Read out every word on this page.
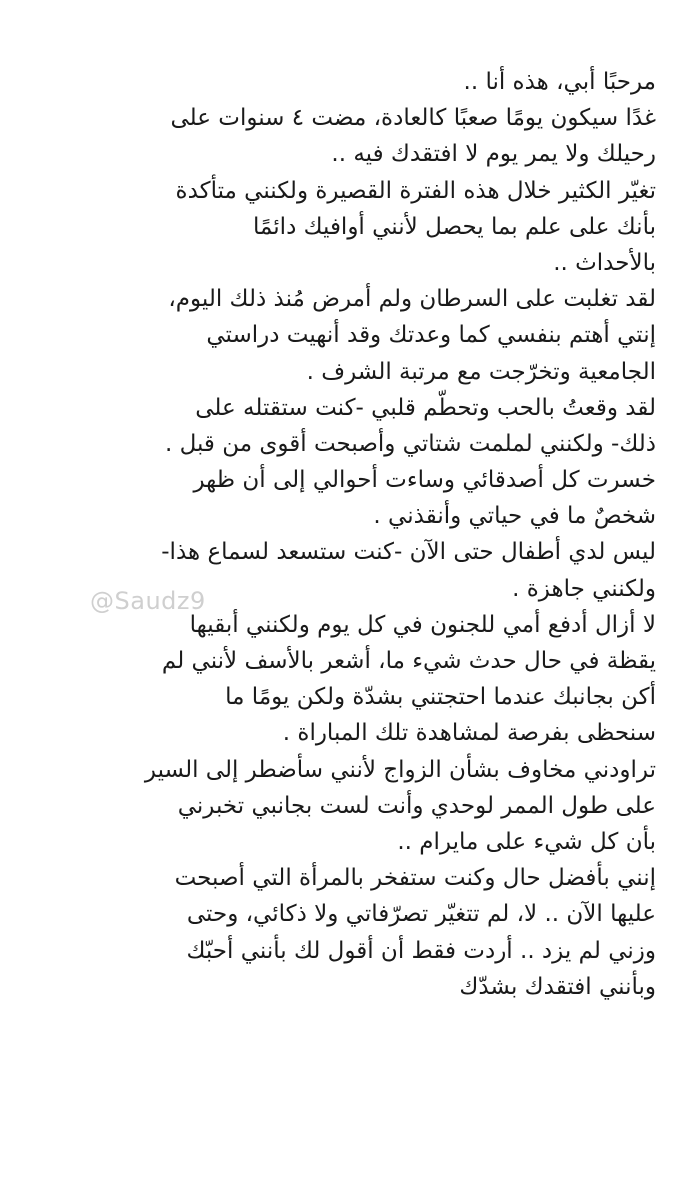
مرحبًا أبي، هذه أنا ..
غدًا سيكون يومًا صعبًا كالعادة، مضت ٤ سنوات على
رحيلك ولا يمر يوم لا افتقدك فيه ..
تغيّر الكثير خلال هذه الفترة القصيرة ولكنني متأكدة
بأنك على علم بما يحصل لأنني أوافيك دائمًا
بالأحداث ..
لقد تغلبت على السرطان ولم أمرض مُنذ ذلك اليوم،
إنتي أهتم بنفسي كما وعدتك وقد أنهيت دراستي
الجامعية وتخرّجت مع مرتبة الشرف .
لقد وقعتُ بالحب وتحطّم قلبي -كنت ستقتله على
ذلك- ولكنني لملمت شتاتي وأصبحت أقوى من قبل .
خسرت كل أصدقائي وساءت أحوالي إلى أن ظهر
شخصٌ ما في حياتي وأنقذني .
ليس لدي أطفال حتى الآن -كنت ستسعد لسماع هذا-
ولكنني جاهزة .
لا أزال أدفع أمي للجنون في كل يوم ولكنني أبقيها
يقظة في حال حدث شيء ما، أشعر بالأسف لأنني لم
أكن بجانبك عندما احتجتني بشدّة ولكن يومًا ما
سنحظى بفرصة لمشاهدة تلك المباراة .
تراودني مخاوف بشأن الزواج لأنني سأضطر إلى السير
على طول الممر لوحدي وأنت لست بجانبي تخبرني
بأن كل شيء على مايرام ..
إنني بأفضل حال وكنت ستفخر بالمرأة التي أصبحت
عليها الآن .. لا، لم تتغيّر تصرّفاتي ولا ذكائي، وحتى
وزني لم يزد .. أردت فقط أن أقول لك بأنني أحبّك
وبأنني افتقدك بشدّك
@Saudz9
